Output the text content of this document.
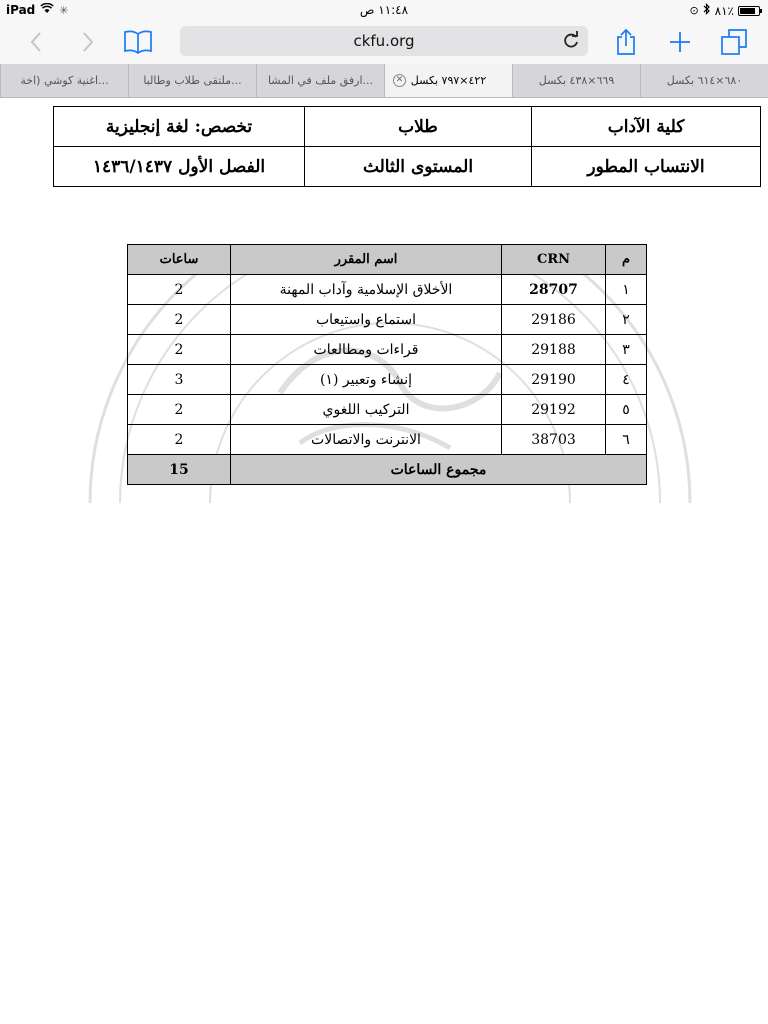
iPad ✳	١١:٤٨ ص	⊙ ٨١٪
ckfu.org
٦٨٠×٦١٤ بكسل
٦٦٩×٤٣٨ بكسل
✕ ٤٢٢×٧٩٧ بكسل
ارفق ملف في المشا...
ملتقى طلاب وطالبا...
اغنية كوشي (اخة...
كلية الآداب	طلاب	تخصص: لغة إنجليزية
الانتساب المطور	المستوى الثالث	الفصل الأول ١٤٣٦/١٤٣٧
م	CRN	اسم المقرر	ساعات
١	28707	الأخلاق الإسلامية وآداب المهنة	2
٢	29186	استماع واستيعاب	2
٣	29188	قراءات ومطالعات	2
٤	29190	إنشاء وتعبير (١)	3
٥	29192	التركيب اللغوي	2
٦	38703	الانترنت والاتصالات	2
مجموع الساعات			15
